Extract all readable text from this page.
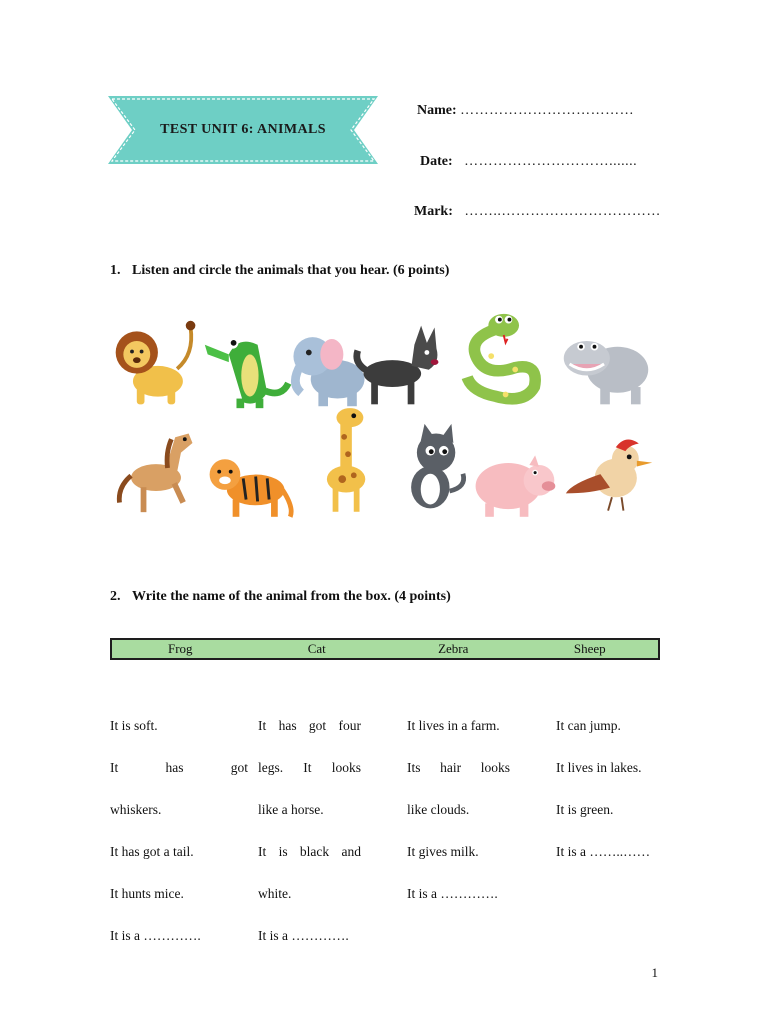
TEST UNIT 6: ANIMALS
Name: ………………………………
Date: ………………………….......
Mark: ……..……………………………
1. Listen and circle the animals that you hear. (6 points)
2. Write the name of the animal from the box. (4 points)
Frog	Cat	Zebra	Sheep
It is soft.
It has got
whiskers.
It has got a tail.
It hunts mice.
It is a ………….
It has got four
legs. It looks
like a horse.
It is black and
white.
It is a ………….
It lives in a farm.
Its hair looks
like clouds.
It gives milk.
It is a ………….
It can jump.
It lives in lakes.
It is green.
It is a ……..……
1
